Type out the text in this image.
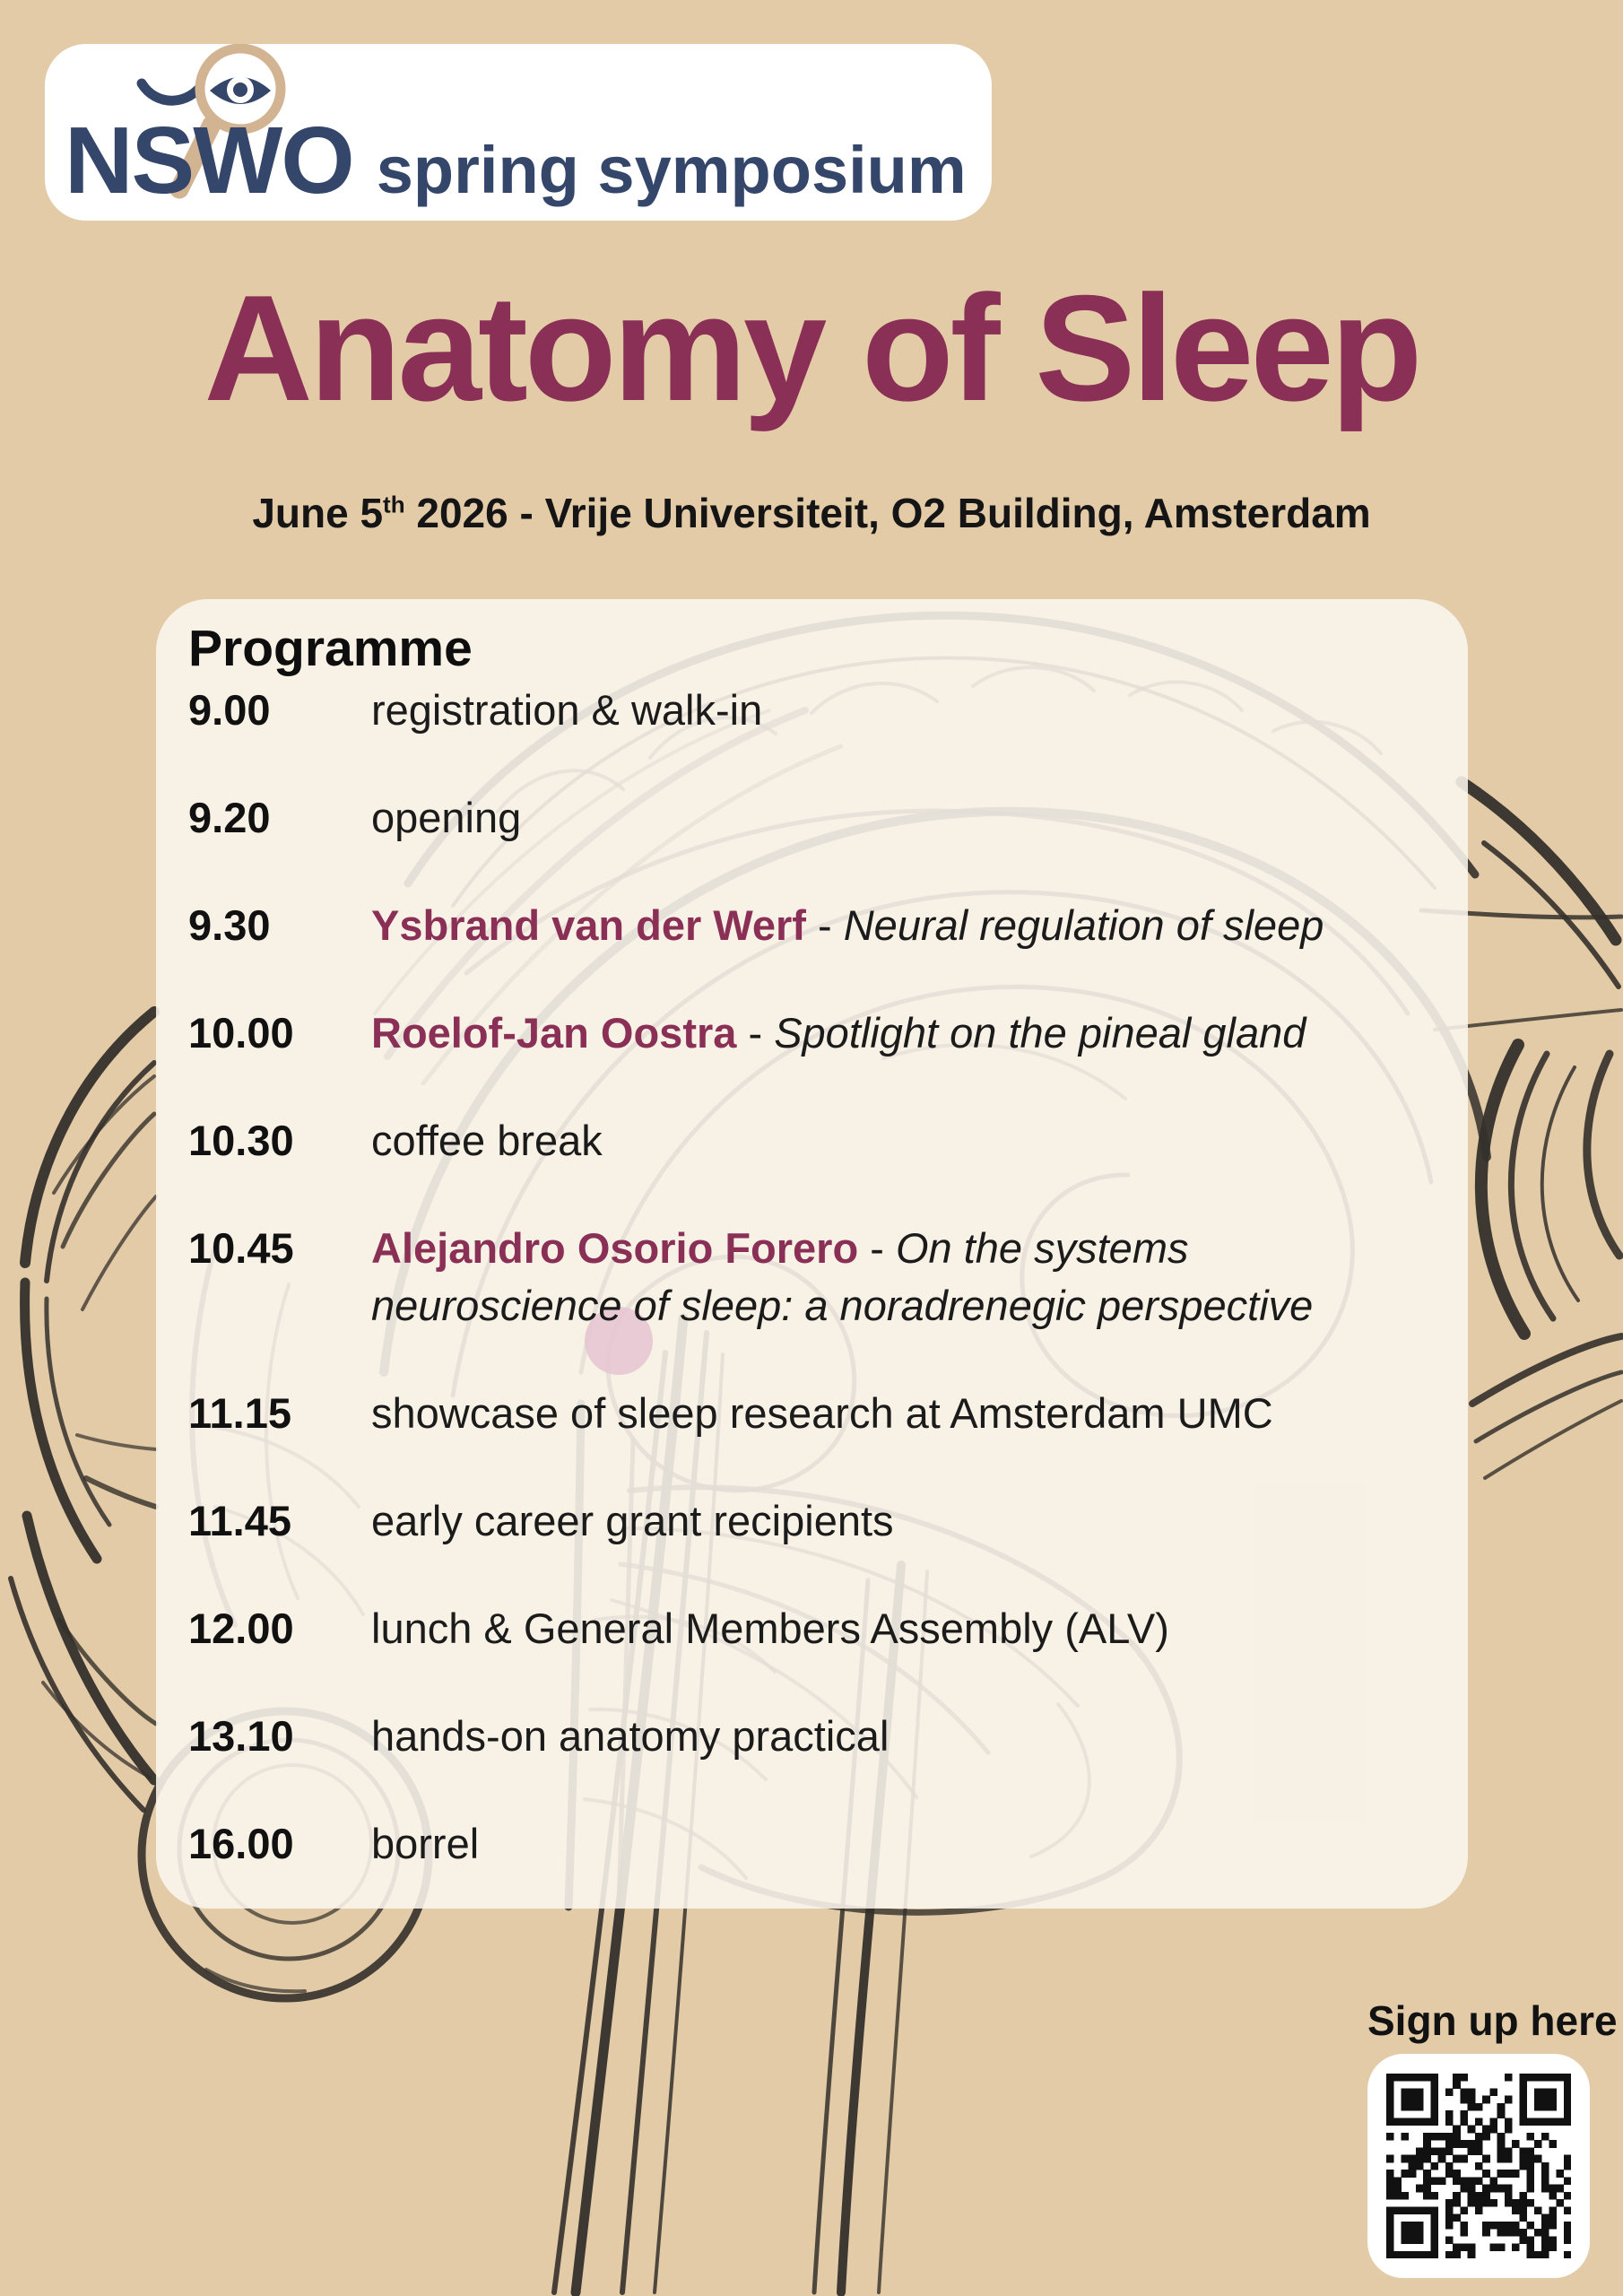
NSWO spring symposium
Anatomy of Sleep
June 5th 2026 - Vrije Universiteit, O2 Building, Amsterdam
Programme
9.00	registration & walk-in
9.20	opening
9.30	Ysbrand van der Werf - Neural regulation of sleep
10.00	Roelof-Jan Oostra - Spotlight on the pineal gland
10.30	coffee break
10.45	Alejandro Osorio Forero - On the systems
neuroscience of sleep: a noradrenegic perspective
11.15	showcase of sleep research at Amsterdam UMC
11.45	early career grant recipients
12.00	lunch & General Members Assembly (ALV)
13.10	hands-on anatomy practical
16.00	borrel
Sign up here
